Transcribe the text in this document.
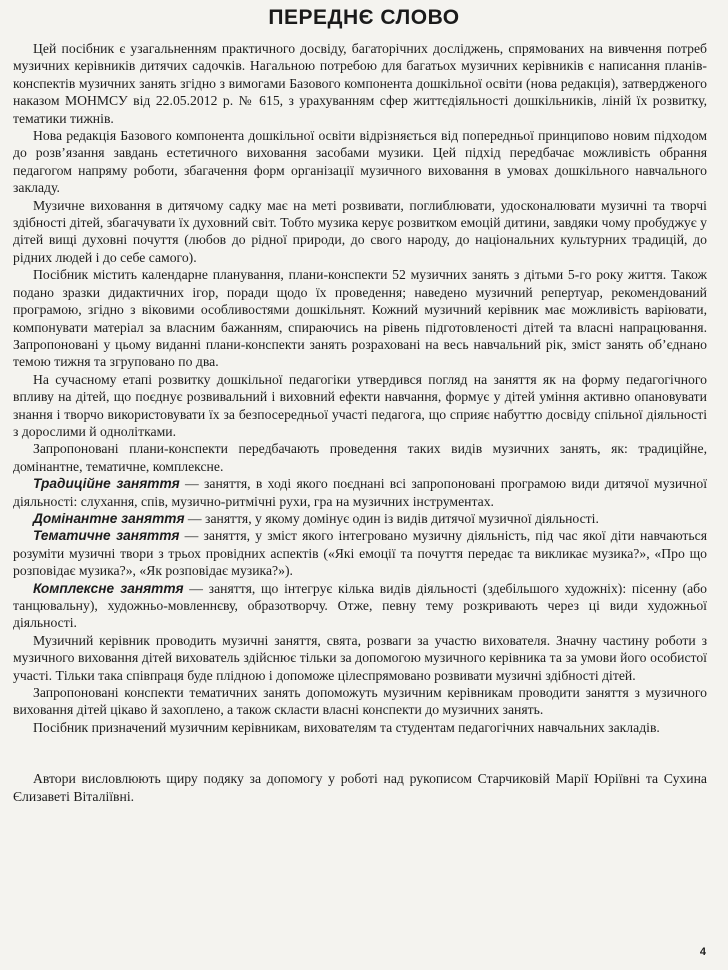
ПЕРЕДНЄ СЛОВО

Цей посібник є узагальненням практичного досвіду, багаторічних досліджень, спрямованих на вивчення потреб музичних керівників дитячих садочків. Нагальною потребою для багатьох музичних керівників є написання планів-конспектів музичних занять згідно з вимогами Базового компонента дошкільної освіти (нова редакція), затвердженого наказом МОНМСУ від 22.05.2012 р. № 615, з урахуванням сфер життєдіяльності дошкільників, ліній їх розвитку, тематики тижнів.

Нова редакція Базового компонента дошкільної освіти відрізняється від попередньої принципово новим підходом до розв’язання завдань естетичного виховання засобами музики. Цей підхід передбачає можливість обрання педагогом напряму роботи, збагачення форм організації музичного виховання в умовах дошкільного навчального закладу.

Музичне виховання в дитячому садку має на меті розвивати, поглиблювати, удосконалювати музичні та творчі здібності дітей, збагачувати їх духовний світ. Тобто музика керує розвитком емоцій дитини, завдяки чому пробуджує у дітей вищі духовні почуття (любов до рідної природи, до свого народу, до національних культурних традицій, до рідних людей і до себе самого).

Посібник містить календарне планування, плани-конспекти 52 музичних занять з дітьми 5-го року життя. Також подано зразки дидактичних ігор, поради щодо їх проведення; наведено музичний репертуар, рекомендований програмою, згідно з віковими особливостями дошкільнят. Кожний музичний керівник має можливість варіювати, компонувати матеріал за власним бажанням, спираючись на рівень підготовленості дітей та власні напрацювання. Запропоновані у цьому виданні плани-конспекти занять розраховані на весь навчальний рік, зміст занять об’єднано темою тижня та згруповано по два.

На сучасному етапі розвитку дошкільної педагогіки утвердився погляд на заняття як на форму педагогічного впливу на дітей, що поєднує розвивальний і виховний ефекти навчання, формує у дітей уміння активно опановувати знання і творчо використовувати їх за безпосередньої участі педагога, що сприяє набуттю досвіду спільної діяльності з дорослими й однолітками.

Запропоновані плани-конспекти передбачають проведення таких видів музичних занять, як: традиційне, домінантне, тематичне, комплексне.

Традиційне заняття — заняття, в ході якого поєднані всі запропоновані програмою види дитячої музичної діяльності: слухання, спів, музично-ритмічні рухи, гра на музичних інструментах.

Домінантне заняття — заняття, у якому домінує один із видів дитячої музичної діяльності.

Тематичне заняття — заняття, у зміст якого інтегровано музичну діяльність, під час якої діти навчаються розуміти музичні твори з трьох провідних аспектів («Які емоції та почуття передає та викликає музика?», «Про що розповідає музика?», «Як розповідає музика?»).

Комплексне заняття — заняття, що інтегрує кілька видів діяльності (здебільшого художніх): пісенну (або танцювальну), художньо-мовленнєву, образотворчу. Отже, певну тему розкривають через ці види художньої діяльності.

Музичний керівник проводить музичні заняття, свята, розваги за участю вихователя. Значну частину роботи з музичного виховання дітей вихователь здійснює тільки за допомогою музичного керівника та за умови його особистої участі. Тільки така співпраця буде плідною і допоможе цілеспрямовано розвивати музичні здібності дітей.

Запропоновані конспекти тематичних занять допоможуть музичним керівникам проводити заняття з музичного виховання дітей цікаво й захоплено, а також скласти власні конспекти до музичних занять.

Посібник призначений музичним керівникам, вихователям та студентам педагогічних навчальних закладів.

Автори висловлюють щиру подяку за допомогу у роботі над рукописом Старчиковій Марії Юріївні та Сухина Єлизаветі Віталіївні.

4
